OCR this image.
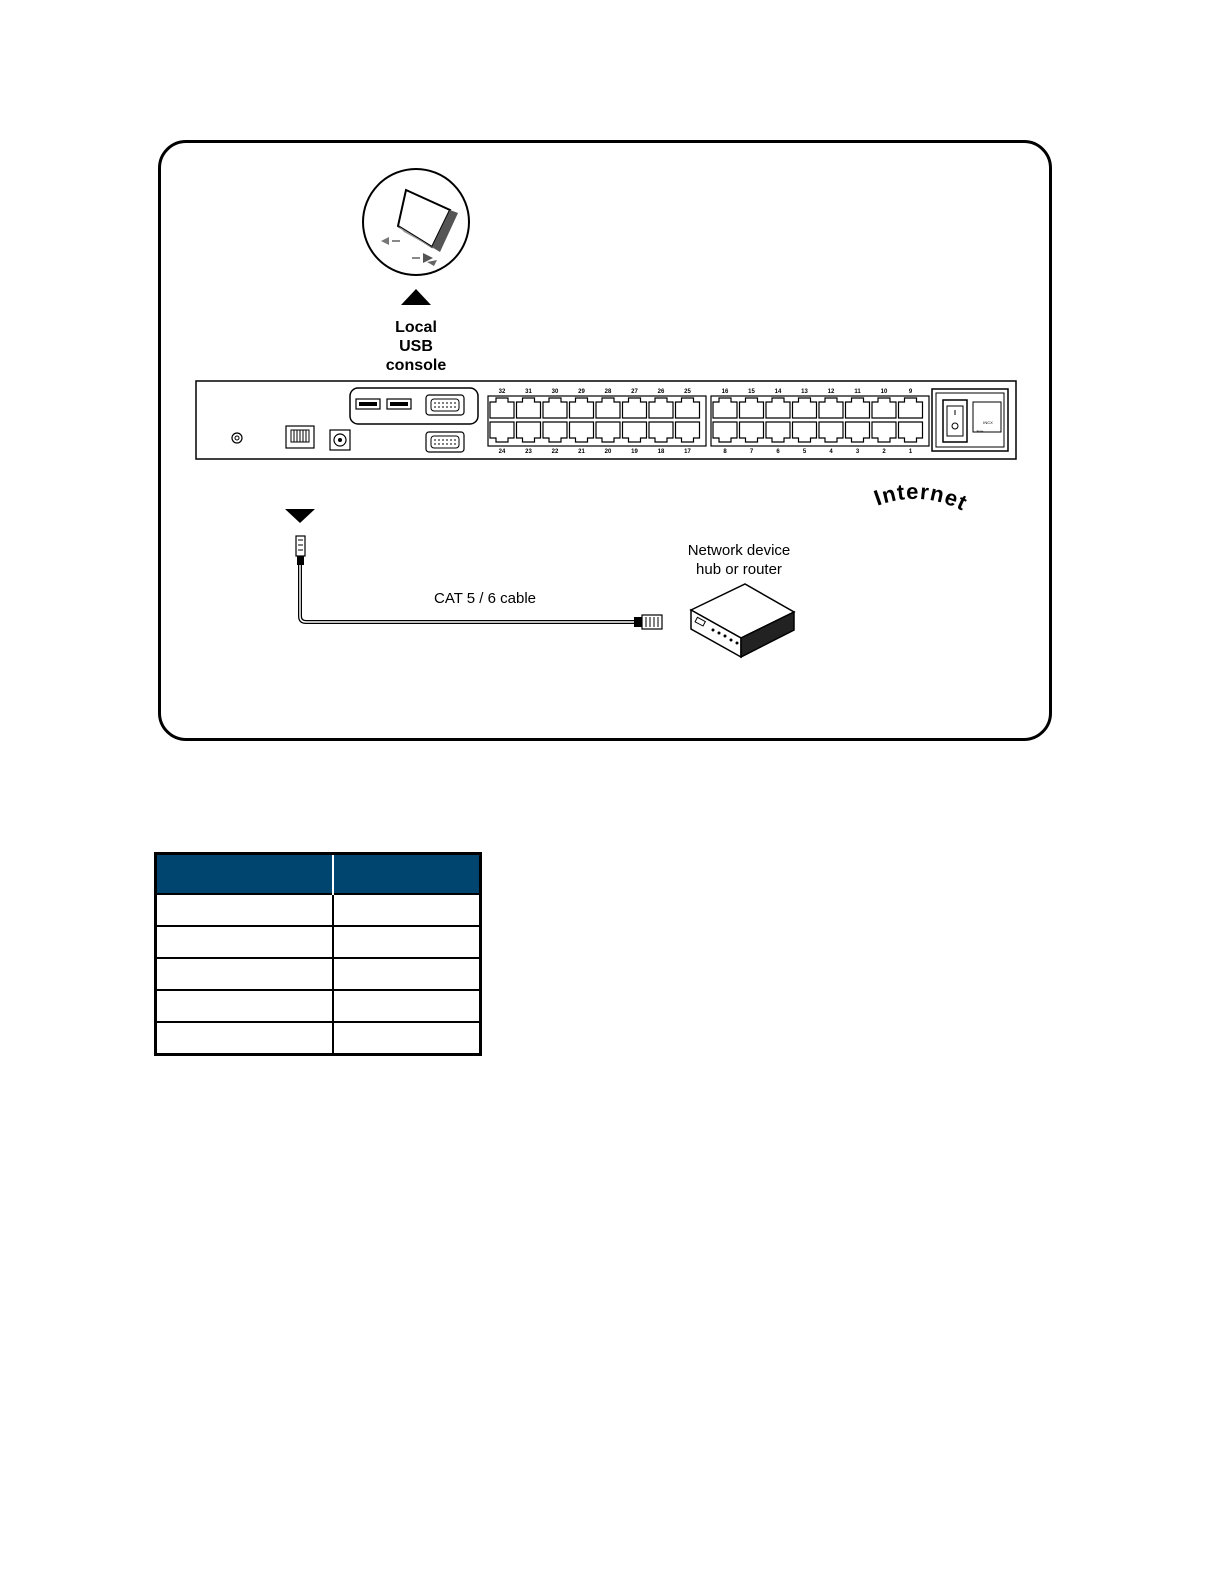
32
24
31
23
30
22
29
21
28
20
27
19
26
18
25
17
16
8
15
7
14
6
13
5
12
4
11
3
10
2
9
1
INCX
Fuse
Internet
Local
USB
console
Network device
hub or router
CAT 5 / 6 cable
